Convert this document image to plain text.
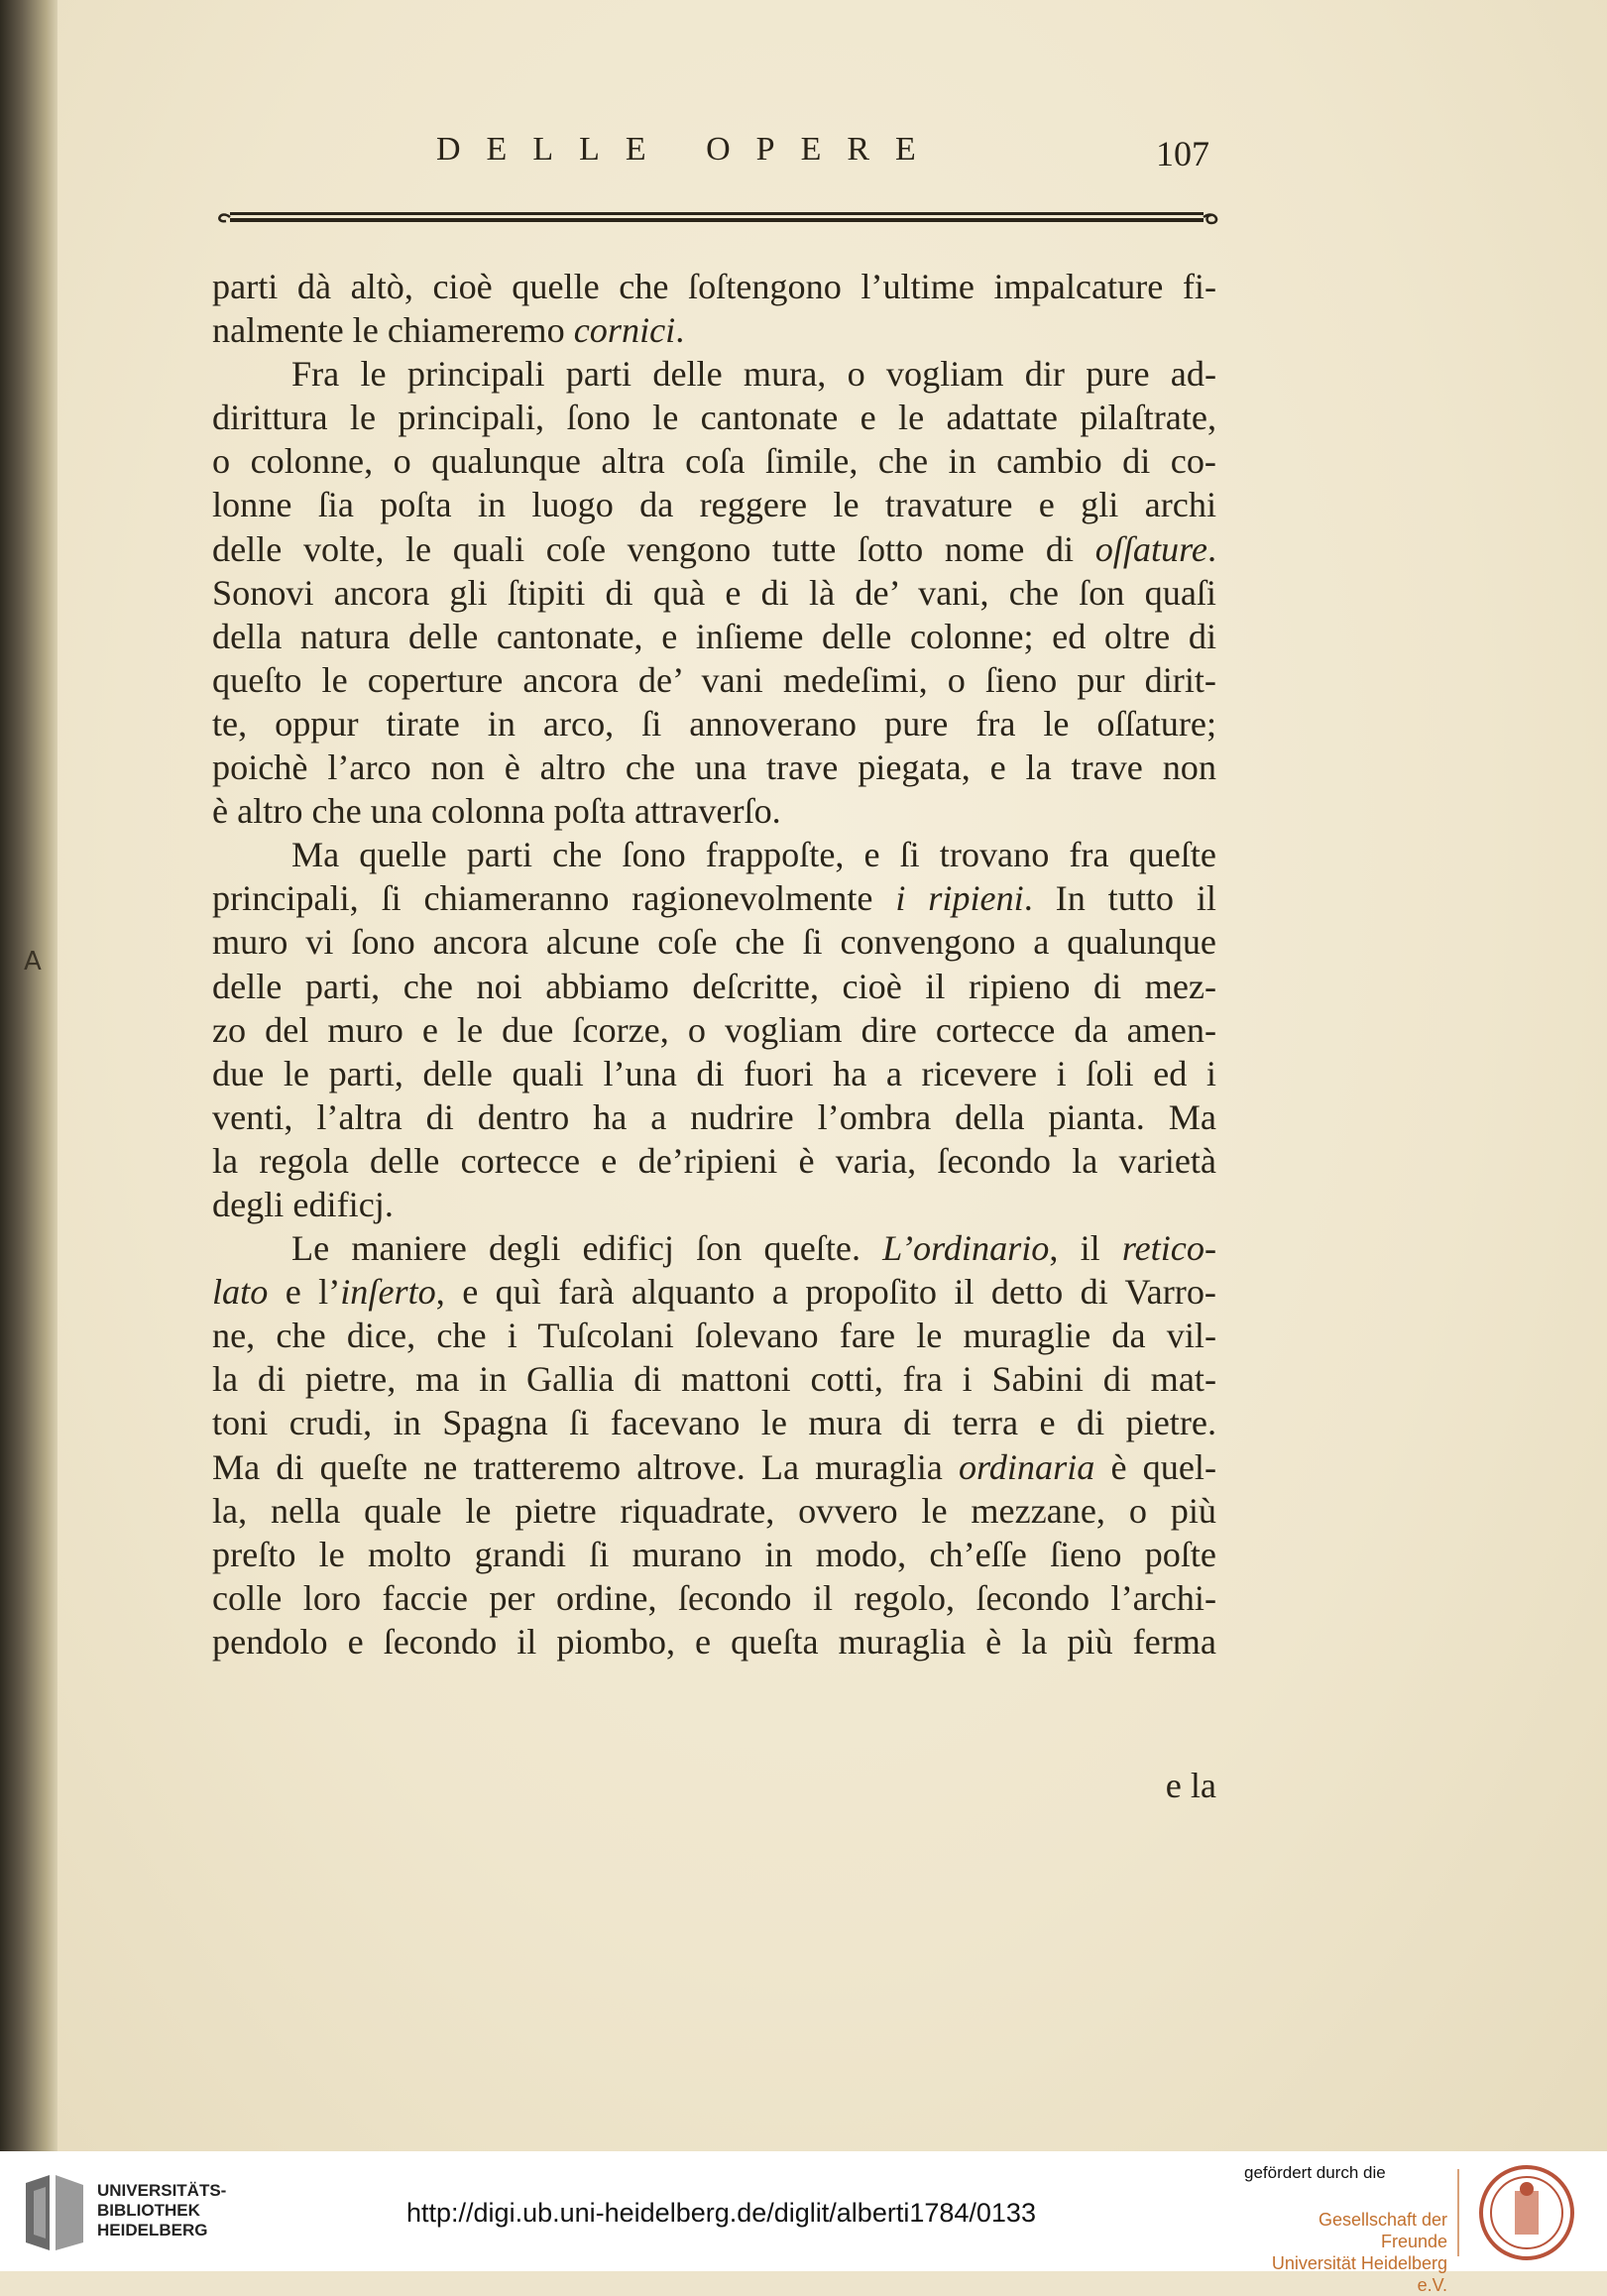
A
DELLE OPERE	107
parti dà altò, cioè quelle che ſoſtengono l’ultime impalcature fi-
nalmente le chiameremo cornici.
Fra le principali parti delle mura, o vogliam dir pure ad-
dirittura le principali, ſono le cantonate e le adattate pilaſtrate,
o colonne, o qualunque altra coſa ſimile, che in cambio di co-
lonne ſia poſta in luogo da reggere le travature e gli archi
delle volte, le quali coſe vengono tutte ſotto nome di oſſature.
Sonovi ancora gli ſtipiti di quà e di là de’ vani, che ſon quaſi
della natura delle cantonate, e inſieme delle colonne; ed oltre di
queſto le coperture ancora de’ vani medeſimi, o ſieno pur dirit-
te, oppur tirate in arco, ſi annoverano pure fra le oſſature;
poichè l’arco non è altro che una trave piegata, e la trave non
è altro che una colonna poſta attraverſo.
Ma quelle parti che ſono frappoſte, e ſi trovano fra queſte
principali, ſi chiameranno ragionevolmente i ripieni. In tutto il
muro vi ſono ancora alcune coſe che ſi convengono a qualunque
delle parti, che noi abbiamo deſcritte, cioè il ripieno di mez-
zo del muro e le due ſcorze, o vogliam dire cortecce da amen-
due le parti, delle quali l’una di fuori ha a ricevere i ſoli ed i
venti, l’altra di dentro ha a nudrire l’ombra della pianta. Ma
la regola delle cortecce e de’ripieni è varia, ſecondo la varietà
degli edificj.
Le maniere degli edificj ſon queſte. L’ordinario, il retico-
lato e l’inſerto, e quì farà alquanto a propoſito il detto di Varro-
ne, che dice, che i Tuſcolani ſolevano fare le muraglie da vil-
la di pietre, ma in Gallia di mattoni cotti, fra i Sabini di mat-
toni crudi, in Spagna ſi facevano le mura di terra e di pietre.
Ma di queſte ne tratteremo altrove. La muraglia ordinaria è quel-
la, nella quale le pietre riquadrate, ovvero le mezzane, o più
preſto le molto grandi ſi murano in modo, ch’eſſe ſieno poſte
colle loro faccie per ordine, ſecondo il regolo, ſecondo l’archi-
pendolo e ſecondo il piombo, e queſta muraglia è la più ferma
e la
UNIVERSITÄTS-
BIBLIOTHEK
HEIDELBERG
http://digi.ub.uni-heidelberg.de/diglit/alberti1784/0133
gefördert durch die
Gesellschaft der Freunde
Universität Heidelberg e.V.
